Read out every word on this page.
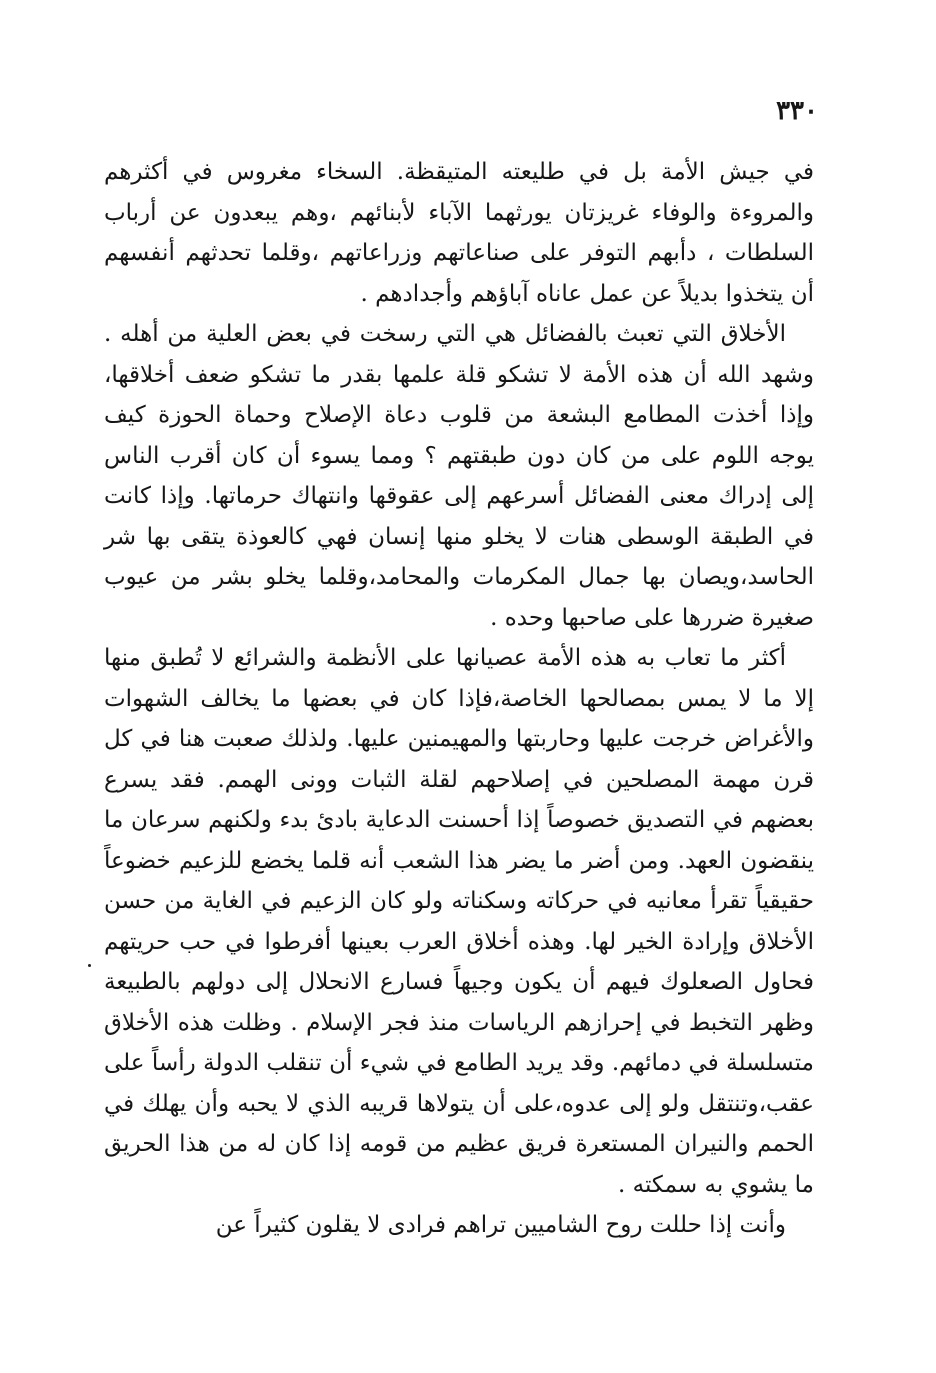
٣٣٠

في جيش الأمة بل في طليعته المتيقظة. السخاء مغروس في أكثرهم والمروءة والوفاء غريزتان يورثهما الآباء لأبنائهم ،وهم يبعدون عن أرباب السلطات ، دأبهم التوفر على صناعاتهم وزراعاتهم ،وقلما تحدثهم أنفسهم أن يتخذوا بديلاً عن عمل عاناه آباؤهم وأجدادهم .

الأخلاق التي تعبث بالفضائل هي التي رسخت في بعض العلية من أهله . وشهد الله أن هذه الأمة لا تشكو قلة علمها بقدر ما تشكو ضعف أخلاقها، وإذا أخذت المطامع البشعة من قلوب دعاة الإصلاح وحماة الحوزة كيف يوجه اللوم على من كان دون طبقتهم ؟ ومما يسوء أن كان أقرب الناس إلى إدراك معنى الفضائل أسرعهم إلى عقوقها وانتهاك حرماتها. وإذا كانت في الطبقة الوسطى هنات لا يخلو منها إنسان فهي كالعوذة يتقى بها شر الحاسد،ويصان بها جمال المكرمات والمحامد،وقلما يخلو بشر من عيوب صغيرة ضررها على صاحبها وحده .

أكثر ما تعاب به هذه الأمة عصيانها على الأنظمة والشرائع لا تُطبق منها إلا ما لا يمس بمصالحها الخاصة،فإذا كان في بعضها ما يخالف الشهوات والأغراض خرجت عليها وحاربتها والمهيمنين عليها. ولذلك صعبت هنا في كل قرن مهمة المصلحين في إصلاحهم لقلة الثبات وونى الهمم. فقد يسرع بعضهم في التصديق خصوصاً إذا أحسنت الدعاية بادئ بدء ولكنهم سرعان ما ينقضون العهد. ومن أضر ما يضر هذا الشعب أنه قلما يخضع للزعيم خضوعاً حقيقياً تقرأ معانيه في حركاته وسكناته ولو كان الزعيم في الغاية من حسن الأخلاق وإرادة الخير لها. وهذه أخلاق العرب بعينها أفرطوا في حب حريتهم فحاول الصعلوك فيهم أن يكون وجيهاً فسارع الانحلال إلى دولهم بالطبيعة وظهر التخبط في إحرازهم الرياسات منذ فجر الإسلام . وظلت هذه الأخلاق متسلسلة في دمائهم. وقد يريد الطامع في شيء أن تنقلب الدولة رأساً على عقب،وتنتقل ولو إلى عدوه،على أن يتولاها قريبه الذي لا يحبه وأن يهلك في الحمم والنيران المستعرة فريق عظيم من قومه إذا كان له من هذا الحريق ما يشوي به سمكته .

وأنت إذا حللت روح الشاميين تراهم فرادى لا يقلون كثيراً عن
